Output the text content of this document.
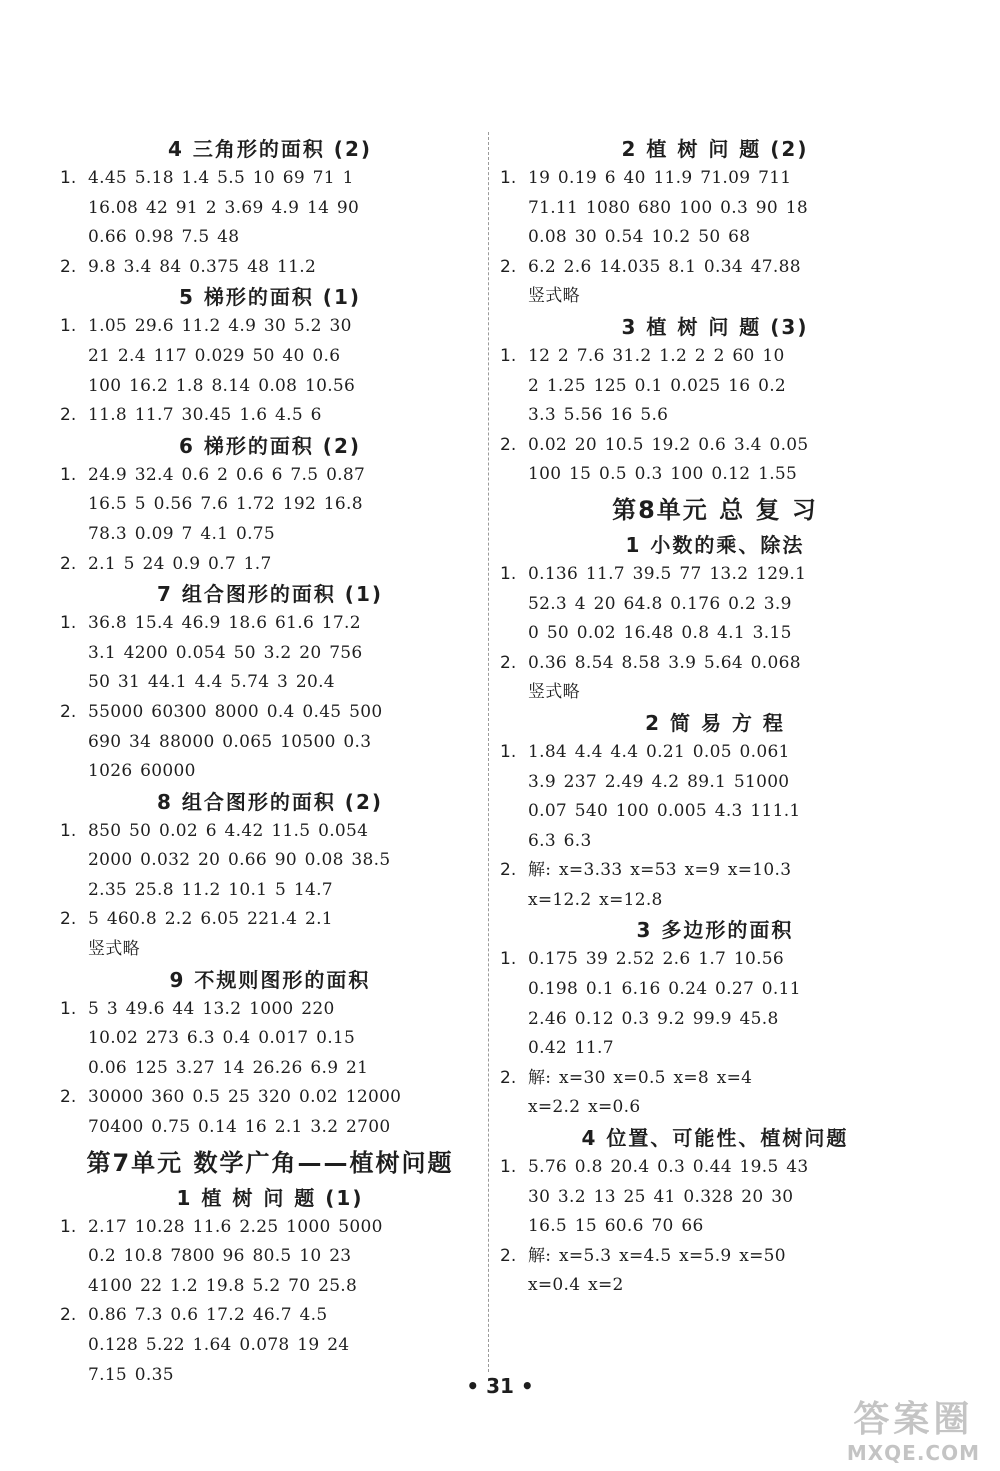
4 三角形的面积 (2)
1. 4.45 5.18 1.4 5.5 10 69 71 1
16.08 42 91 2 3.69 4.9 14 90
0.66 0.98 7.5 48
2. 9.8 3.4 84 0.375 48 11.2
5 梯形的面积 (1)
1. 1.05 29.6 11.2 4.9 30 5.2 30
21 2.4 117 0.029 50 40 0.6
100 16.2 1.8 8.14 0.08 10.56
2. 11.8 11.7 30.45 1.6 4.5 6
6 梯形的面积 (2)
1. 24.9 32.4 0.6 2 0.6 6 7.5 0.87
16.5 5 0.56 7.6 1.72 192 16.8
78.3 0.09 7 4.1 0.75
2. 2.1 5 24 0.9 0.7 1.7
7 组合图形的面积 (1)
1. 36.8 15.4 46.9 18.6 61.6 17.2
3.1 4200 0.054 50 3.2 20 756
50 31 44.1 4.4 5.74 3 20.4
2. 55000 60300 8000 0.4 0.45 500
690 34 88000 0.065 10500 0.3
1026 60000
8 组合图形的面积 (2)
1. 850 50 0.02 6 4.42 11.5 0.054
2000 0.032 20 0.66 90 0.08 38.5
2.35 25.8 11.2 10.1 5 14.7
2. 5 460.8 2.2 6.05 221.4 2.1
竖式略
9 不规则图形的面积
1. 5 3 49.6 44 13.2 1000 220
10.02 273 6.3 0.4 0.017 0.15
0.06 125 3.27 14 26.26 6.9 21
2. 30000 360 0.5 25 320 0.02 12000
70400 0.75 0.14 16 2.1 3.2 2700
第7单元 数学广角——植树问题
1 植 树 问 题 (1)
1. 2.17 10.28 11.6 2.25 1000 5000
0.2 10.8 7800 96 80.5 10 23
4100 22 1.2 19.8 5.2 70 25.8
2. 0.86 7.3 0.6 17.2 46.7 4.5
0.128 5.22 1.64 0.078 19 24
7.15 0.35
2 植 树 问 题 (2)
1. 19 0.19 6 40 11.9 71.09 711
71.11 1080 680 100 0.3 90 18
0.08 30 0.54 10.2 50 68
2. 6.2 2.6 14.035 8.1 0.34 47.88
竖式略
3 植 树 问 题 (3)
1. 12 2 7.6 31.2 1.2 2 2 60 10
2 1.25 125 0.1 0.025 16 0.2
3.3 5.56 16 5.6
2. 0.02 20 10.5 19.2 0.6 3.4 0.05
100 15 0.5 0.3 100 0.12 1.55
第8单元 总 复 习
1 小数的乘、除法
1. 0.136 11.7 39.5 77 13.2 129.1
52.3 4 20 64.8 0.176 0.2 3.9
0 50 0.02 16.48 0.8 4.1 3.15
2. 0.36 8.54 8.58 3.9 5.64 0.068
竖式略
2 简 易 方 程
1. 1.84 4.4 4.4 0.21 0.05 0.061
3.9 237 2.49 4.2 89.1 51000
0.07 540 100 0.005 4.3 111.1
6.3 6.3
2. 解: x=3.33 x=53 x=9 x=10.3
x=12.2 x=12.8
3 多边形的面积
1. 0.175 39 2.52 2.6 1.7 10.56
0.198 0.1 6.16 0.24 0.27 0.11
2.46 0.12 0.3 9.2 99.9 45.8
0.42 11.7
2. 解: x=30 x=0.5 x=8 x=4
x=2.2 x=0.6
4 位置、可能性、植树问题
1. 5.76 0.8 20.4 0.3 0.44 19.5 43
30 3.2 13 25 41 0.328 20 30
16.5 15 60.6 70 66
2. 解: x=5.3 x=4.5 x=5.9 x=50
x=0.4 x=2
• 31 •
答案圈
MXQE.COM
